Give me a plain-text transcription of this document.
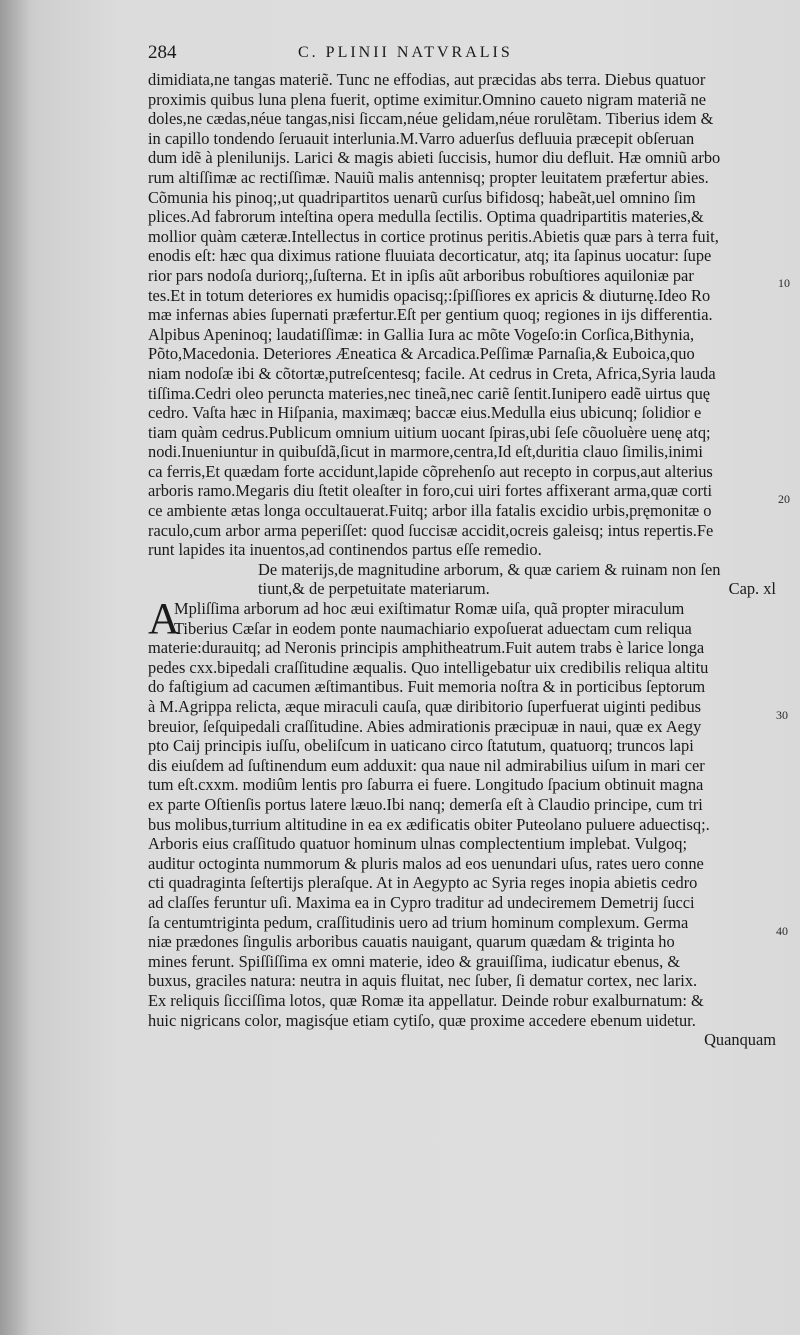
284	C. PLINII NATVRALIS
dimidiata,ne tangas materiẽ. Tunc ne effodias, aut præcidas abs terra. Diebus quatuor
proximis quibus luna plena fuerit, optime eximitur.Omnino caueto nigram materiã ne
doles,ne cædas,néue tangas,nisi ſiccam,néue gelidam,néue rorulẽtam. Tiberius idem &
in capillo tondendo ſeruauit interlunia.M.Varro aduerſus defluuia præcepit obſeruan
dum idẽ à plenilunijs. Larici & magis abieti ſuccisis, humor diu defluit. Hæ omniũ arbo
rum altiſſimæ ac rectiſſimæ. Nauiũ malis antennisq; propter leuitatem præfertur abies.
Cõmunia his pinoq;,ut quadripartitos uenarũ curſus bifidosq; habeãt,uel omnino ſim
plices.Ad fabrorum inteſtina opera medulla ſectilis. Optima quadripartitis materies,&
mollior quàm cæteræ.Intellectus in cortice protinus peritis.Abietis quæ pars à terra fuit,
enodis eſt: hæc qua diximus ratione fluuiata decorticatur, atq; ita ſapinus uocatur: ſupe
rior pars nodoſa duriorq;,ſuſterna. Et in ipſis aũt arboribus robuſtiores aquiloniæ par
tes.Et in totum deteriores ex humidis opacisq;:ſpiſſiores ex apricis & diuturnę.Ideo Ro
mæ infernas abies ſupernati præfertur.Eſt per gentium quoq; regiones in ijs differentia.
Alpibus Apeninoq; laudatiſſimæ: in Gallia Iura ac mõte Vogeſo:in Corſica,Bithynia,
Põto,Macedonia. Deteriores Æneatica & Arcadica.Peſſimæ Parnaſia,& Euboica,quo
niam nodoſæ ibi & cõtortæ,putreſcentesq; facile. At cedrus in Creta, Africa,Syria lauda
tiſſima.Cedri oleo peruncta materies,nec tineã,nec cariẽ ſentit.Iunipero eadẽ uirtus quę
cedro. Vaſta hæc in Hiſpania, maximæq; baccæ eius.Medulla eius ubicunq; ſolidior e
tiam quàm cedrus.Publicum omnium uitium uocant ſpiras,ubi ſeſe cõuoluère uenę atq;
nodi.Inueniuntur in quibuſdã,ſicut in marmore,centra,Id eſt,duritia clauo ſimilis,inimi
ca ferris,Et quædam forte accidunt,lapide cõprehenſo aut recepto in corpus,aut alterius
arboris ramo.Megaris diu ſtetit oleaſter in foro,cui uiri fortes affixerant arma,quæ corti
ce ambiente ætas longa occultauerat.Fuitq; arbor illa fatalis excidio urbis,pręmonitæ o
raculo,cum arbor arma peperiſſet: quod ſuccisæ accidit,ocreis galeisq; intus repertis.Fe
runt lapides ita inuentos,ad continendos partus eſſe remedio.
De materijs,de magnitudine arborum, & quæ cariem & ruinam non ſen
tiunt,& de perpetuitate materiarum.	Cap. xl
A
Mpliſſima arborum ad hoc æui exiſtimatur Romæ uiſa, quã propter miraculum
Tiberius Cæſar in eodem ponte naumachiario expoſuerat aduectam cum reliqua
materie:durauitq; ad Neronis principis amphitheatrum.Fuit autem trabs è larice longa
pedes cxx.bipedali craſſitudine æqualis. Quo intelligebatur uix credibilis reliqua altitu
do faſtigium ad cacumen æſtimantibus. Fuit memoria noſtra & in porticibus ſeptorum
à M.Agrippa relicta, æque miraculi cauſa, quæ diribitorio ſuperfuerat uiginti pedibus
breuior, ſeſquipedali craſſitudine. Abies admirationis præcipuæ in naui, quæ ex Aegy
pto Caij principis iuſſu, obeliſcum in uaticano circo ſtatutum, quatuorq; truncos lapi
dis eiuſdem ad ſuſtinendum eum adduxit: qua naue nil admirabilius uiſum in mari cer
tum eſt.cxxm. modiûm lentis pro ſaburra ei fuere. Longitudo ſpacium obtinuit magna
ex parte Oſtienſis portus latere læuo.Ibi nanq; demerſa eſt à Claudio principe, cum tri
bus molibus,turrium altitudine in ea ex ædificatis obiter Puteolano puluere aduectisq;.
Arboris eius craſſitudo quatuor hominum ulnas complectentium implebat. Vulgoq;
auditur octoginta nummorum & pluris malos ad eos uenundari uſus, rates uero conne
cti quadraginta ſeſtertijs pleraſque. At in Aegypto ac Syria reges inopia abietis cedro
ad claſſes feruntur uſi. Maxima ea in Cypro traditur ad undeciremem Demetrij ſucci
ſa centumtriginta pedum, craſſitudinis uero ad trium hominum complexum. Germa
niæ prædones ſingulis arboribus cauatis nauigant, quarum quædam & triginta ho
mines ferunt. Spiſſiſſima ex omni materie, ideo & grauiſſima, iudicatur ebenus, &
buxus, graciles natura: neutra in aquis fluitat, nec ſuber, ſi dematur cortex, nec larix.
Ex reliquis ſicciſſima lotos, quæ Romæ ita appellatur. Deinde robur exalburnatum: &
huic nigricans color, magisq́ue etiam cytiſo, quæ proxime accedere ebenum uidetur.
Quanquam
10
20
30
40
